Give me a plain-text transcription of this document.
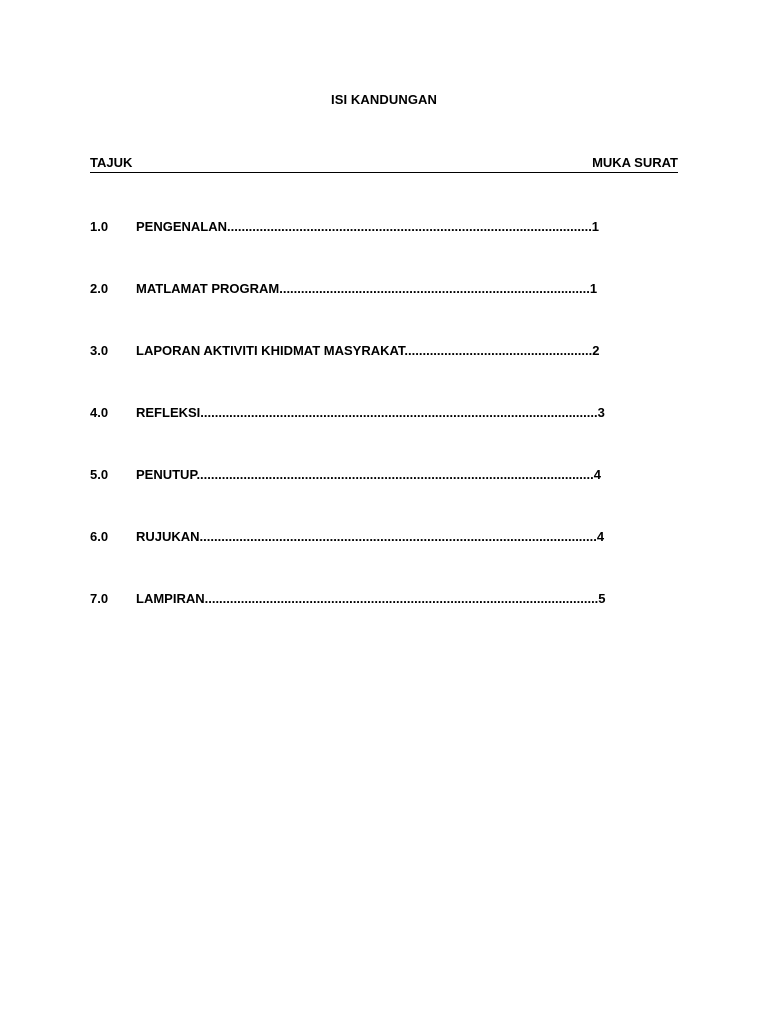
ISI KANDUNGAN
TAJUK	MUKA SURAT
1.0	PENGENALAN.....................................................................................................1
2.0	MATLAMAT PROGRAM......................................................................................1
3.0	LAPORAN AKTIVITI KHIDMAT MASYRAKAT....................................................2
4.0	REFLEKSI..............................................................................................................3
5.0	PENUTUP..............................................................................................................4
6.0	RUJUKAN..............................................................................................................4
7.0	LAMPIRAN.............................................................................................................5
